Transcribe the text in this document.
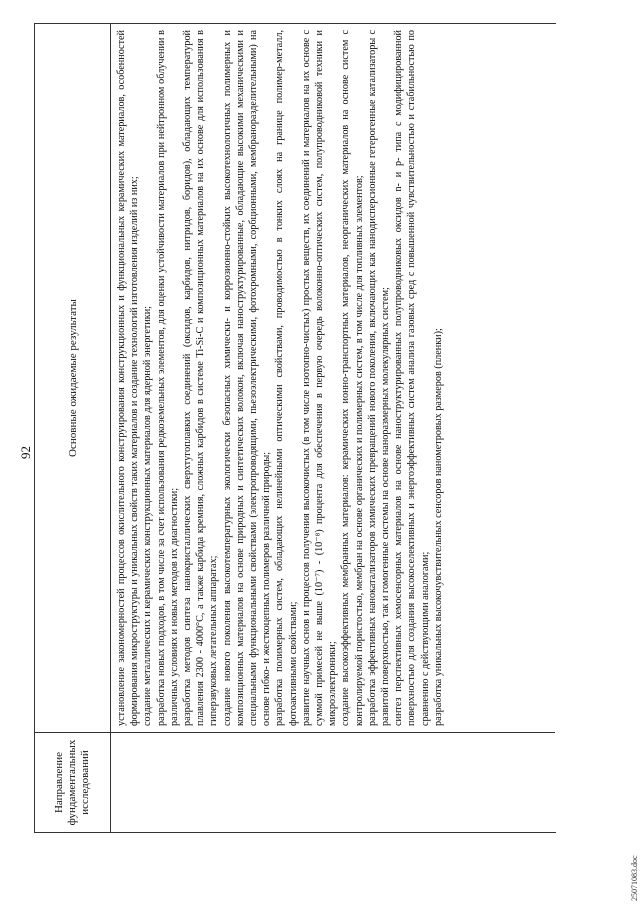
92
Направление фундаментальных исследований
Основные ожидаемые результаты	установление закономерностей процессов окислительного конструирования конструкционных и функциональных керамических материалов, особенностей формирования микроструктуры и уникальных свойств таких материалов и создание технологий изготовления изделий из них; создание металлических и керамических конструкционных материалов для ядерной энергетики; разработка новых подходов, в том числе за счет использования редкоземельных элементов, для оценки устойчивости материалов при нейтронном облучении в различных условиях и новых методов их диагностики; разработка методов синтеза нанокристаллических сверхтугоплавких соединений (оксидов, карбидов, нитридов, боридов), обладающих температурой плавления 2300 - 4000°С, а также карбида кремния, сложных карбидов в системе Ti-Si-C и композиционных материалов на их основе для использования в гиперзвуковых летательных аппаратах; создание нового поколения высокотемпературных экологически безопасных химически- и коррозионно-стойких высокотехнологичных полимерных и композиционных материалов на основе природных и синтетических волокон, включая наноструктурированные, обладающие высокими механическими и специальными функциональными свойствами (электропроводящими, пьезоэлектрическими, фотохромными, сорбционными, мембраноразделительными) на основе гибко- и жесткоцепных полимеров различной природы; разработка полимерных систем, обладающих нелинейными оптическими свойствами, проводимостью в тонких слоях на границе полимер-металл, фотоактивными свойствами; развитие научных основ и процессов получения высокочистых (в том числе изотопно-чистых) простых веществ, их соединений и материалов на их основе с суммой примесей не выше (10⁻⁷) - (10⁻⁸) процента для обеспечения в первую очередь волоконно-оптических систем, полупроводниковой техники и микроэлектроники; создание высокоэффективных мембранных материалов: керамических ионно-транспортных материалов, неорганических материалов на основе систем с контролируемой пористостью, мембран на основе органических и полимерных систем, в том числе для топливных элементов; разработка эффективных нанокатализаторов химических превращений нового поколения, включающих как нанодисперсионные гетерогенные катализаторы с развитой поверхностью, так и гомогенные системы на основе наноразмерных молекулярных систем; синтез перспективных хемосенсорных материалов на основе наноструктурированных полупроводниковых оксидов n- и p- типа с модифицированной поверхностью для создания высокоселективных и энергоэффективных систем анализа газовых сред с повышенной чувствительностью и стабильностью по сравнению с действующими аналогами; разработка уникальных высокочувствительных сенсоров нанометровых размеров (пленки);
25071083.doc
